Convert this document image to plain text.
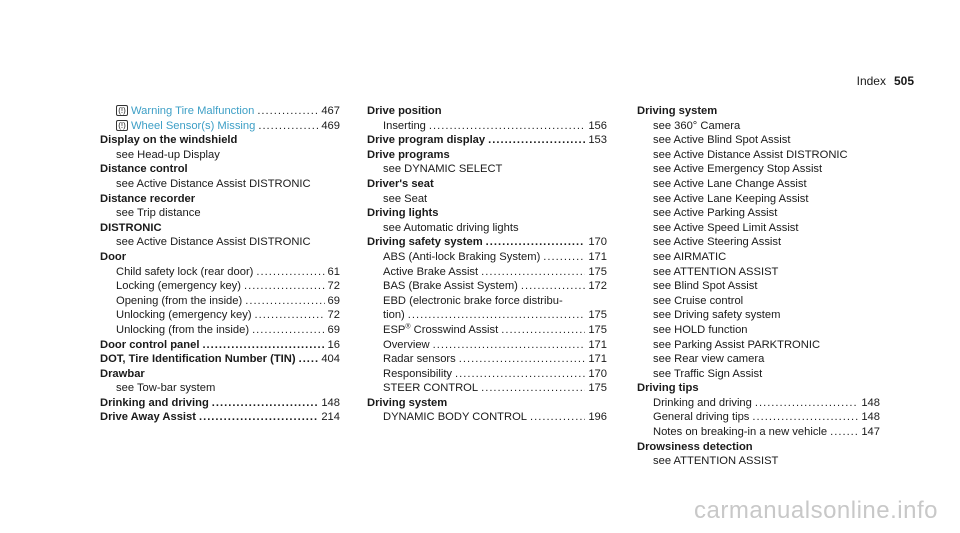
Index 505
(!) Warning Tire Malfunction .....	467
(!) Wheel Sensor(s) Missing .....	469
Display on the windshield
see Head-up Display
Distance control
see Active Distance Assist DISTRONIC
Distance recorder
see Trip distance
DISTRONIC
see Active Distance Assist DISTRONIC
Door
Child safety lock (rear door) .....	61
Locking (emergency key) .....	72
Opening (from the inside) .....	69
Unlocking (emergency key) .....	72
Unlocking (from the inside) .....	69
Door control panel .....	16
DOT, Tire Identification Number (TIN) ..... 404
Drawbar
see Tow-bar system
Drinking and driving .....	148
Drive Away Assist .....	214
Drive position
Inserting .....	156
Drive program display .....	153
Drive programs
see DYNAMIC SELECT
Driver's seat
see Seat
Driving lights
see Automatic driving lights
Driving safety system .....	170
ABS (Anti-lock Braking System) .....	171
Active Brake Assist .....	175
BAS (Brake Assist System) .....	172
EBD (electronic brake force distribu-
tion) .....	175
ESP® Crosswind Assist .....	175
Overview .....	171
Radar sensors .....	171
Responsibility .....	170
STEER CONTROL .....	175
Driving system
DYNAMIC BODY CONTROL .....	196
Driving system
see 360° Camera
see Active Blind Spot Assist
see Active Distance Assist DISTRONIC
see Active Emergency Stop Assist
see Active Lane Change Assist
see Active Lane Keeping Assist
see Active Parking Assist
see Active Speed Limit Assist
see Active Steering Assist
see AIRMATIC
see ATTENTION ASSIST
see Blind Spot Assist
see Cruise control
see Driving safety system
see HOLD function
see Parking Assist PARKTRONIC
see Rear view camera
see Traffic Sign Assist
Driving tips
Drinking and driving .....	148
General driving tips .....	148
Notes on breaking-in a new vehicle .....	147
Drowsiness detection
see ATTENTION ASSIST
carmanualsonline.info
